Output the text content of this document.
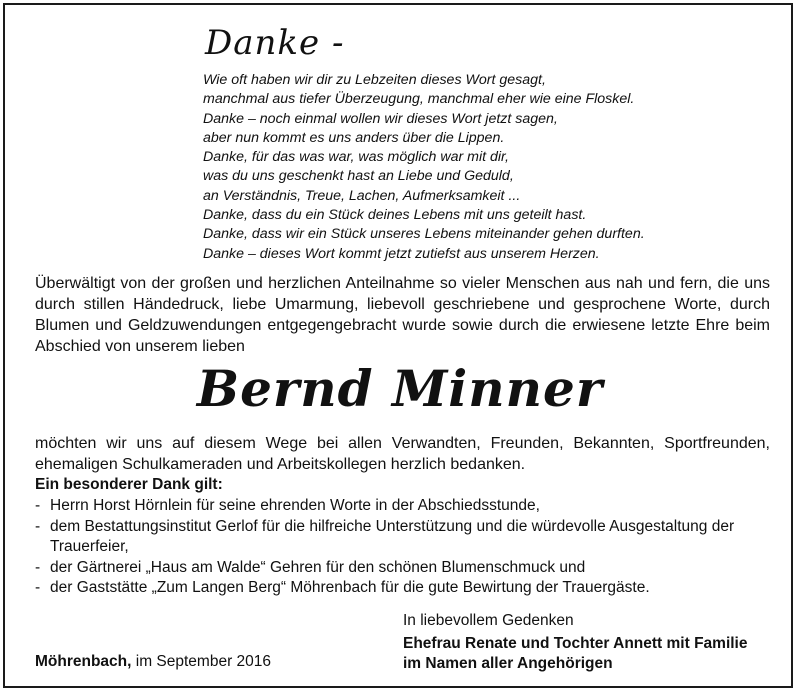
Danke -
Wie oft haben wir dir zu Lebzeiten dieses Wort gesagt,
manchmal aus tiefer Überzeugung, manchmal eher wie eine Floskel.
Danke – noch einmal wollen wir dieses Wort jetzt sagen,
aber nun kommt es uns anders über die Lippen.
Danke, für das was war, was möglich war mit dir,
was du uns geschenkt hast an Liebe und Geduld,
an Verständnis, Treue, Lachen, Aufmerksamkeit ...
Danke, dass du ein Stück deines Lebens mit uns geteilt hast.
Danke, dass wir ein Stück unseres Lebens miteinander gehen durften.
Danke – dieses Wort kommt jetzt zutiefst aus unserem Herzen.
Überwältigt von der großen und herzlichen Anteilnahme so vieler Menschen aus nah und fern, die uns durch stillen Händedruck, liebe Umarmung, liebevoll geschriebene und gesprochene Worte, durch Blumen und Geldzuwendungen entgegengebracht wurde sowie durch die erwiesene letzte Ehre beim Abschied von unserem lieben
Bernd Minner
möchten wir uns auf diesem Wege bei allen Verwandten, Freunden, Bekannten, Sportfreunden, ehemaligen Schulkameraden und Arbeitskollegen herzlich bedanken.
Ein besonderer Dank gilt:
- Herrn Horst Hörnlein für seine ehrenden Worte in der Abschiedsstunde,
- dem Bestattungsinstitut Gerlof für die hilfreiche Unterstützung und die würdevolle Ausgestaltung der Trauerfeier,
- der Gärtnerei „Haus am Walde“ Gehren für den schönen Blumenschmuck und
- der Gaststätte „Zum Langen Berg“ Möhrenbach für die gute Bewirtung der Trauergäste.
In liebevollem Gedenken
Ehefrau Renate und Tochter Annett mit Familie
im Namen aller Angehörigen
Möhrenbach, im September 2016
